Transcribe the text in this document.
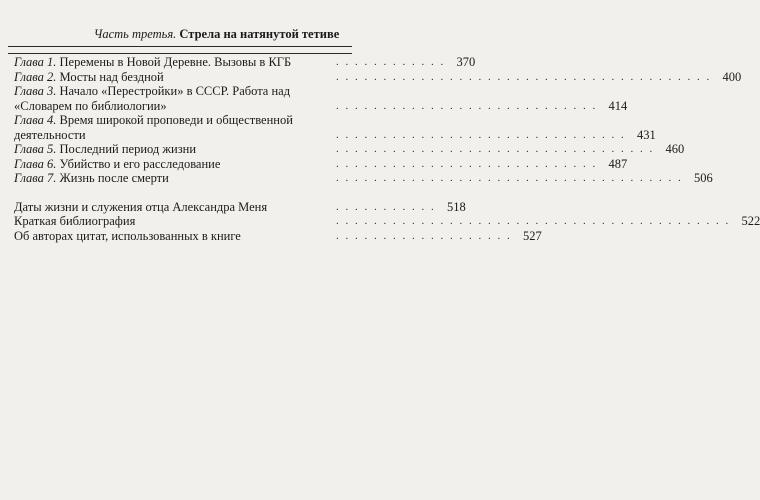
Часть третья. Стрела на натянутой тетиве
Глава 1. Перемены в Новой Деревне. Вызовы в КГБ	. . . . . . . . . . . . 370
Глава 2. Мосты над бездной	. . . . . . . . . . . . . . . . . . . . . . . . . . . . . . . . . . . . . . . . 400
Глава 3. Начало «Перестройки» в СССР. Работа над «Словарем по библиологии»	. . . . . . . . . . . . . . . . . . . . . . . . . . . . 414
Глава 4. Время широкой проповеди и общественной деятельности	. . . . . . . . . . . . . . . . . . . . . . . . . . . . . . . 431
Глава 5. Последний период жизни	. . . . . . . . . . . . . . . . . . . . . . . . . . . . . . . . . . 460
Глава 6. Убийство и его расследование	. . . . . . . . . . . . . . . . . . . . . . . . . . . . 487
Глава 7. Жизнь после смерти	. . . . . . . . . . . . . . . . . . . . . . . . . . . . . . . . . . . . . 506
Даты жизни и служения отца Александра Меня	. . . . . . . . . . . 518
Краткая библиография	. . . . . . . . . . . . . . . . . . . . . . . . . . . . . . . . . . . . . . . . . . 522
Об авторах цитат, использованных в книге	. . . . . . . . . . . . . . . . . . . 527
